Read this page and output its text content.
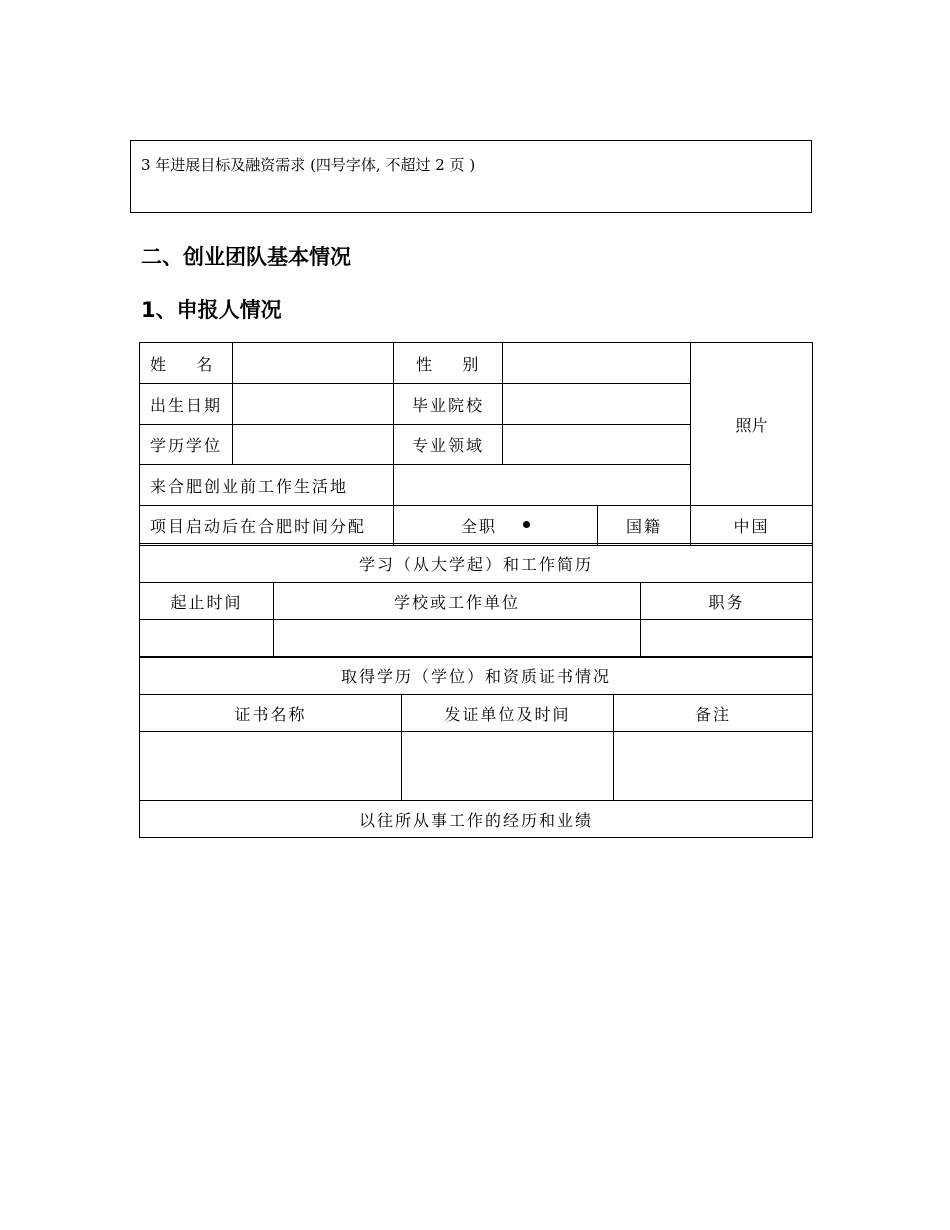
3 年进展目标及融资需求 (四号字体, 不超过 2 页 )
二、创业团队基本情况
1、申报人情况
姓    名		性    别			照片
出生日期		毕业院校			
学历学位		专业领域			
来合肥创业前工作生活地					
项目启动后在合肥时间分配		全职		国籍	中国
学习（从大学起）和工作简历		
起止时间	学校或工作单位	职务

取得学历（学位）和资质证书情况		
证书名称	发证单位及时间	备注

以往所从事工作的经历和业绩		
